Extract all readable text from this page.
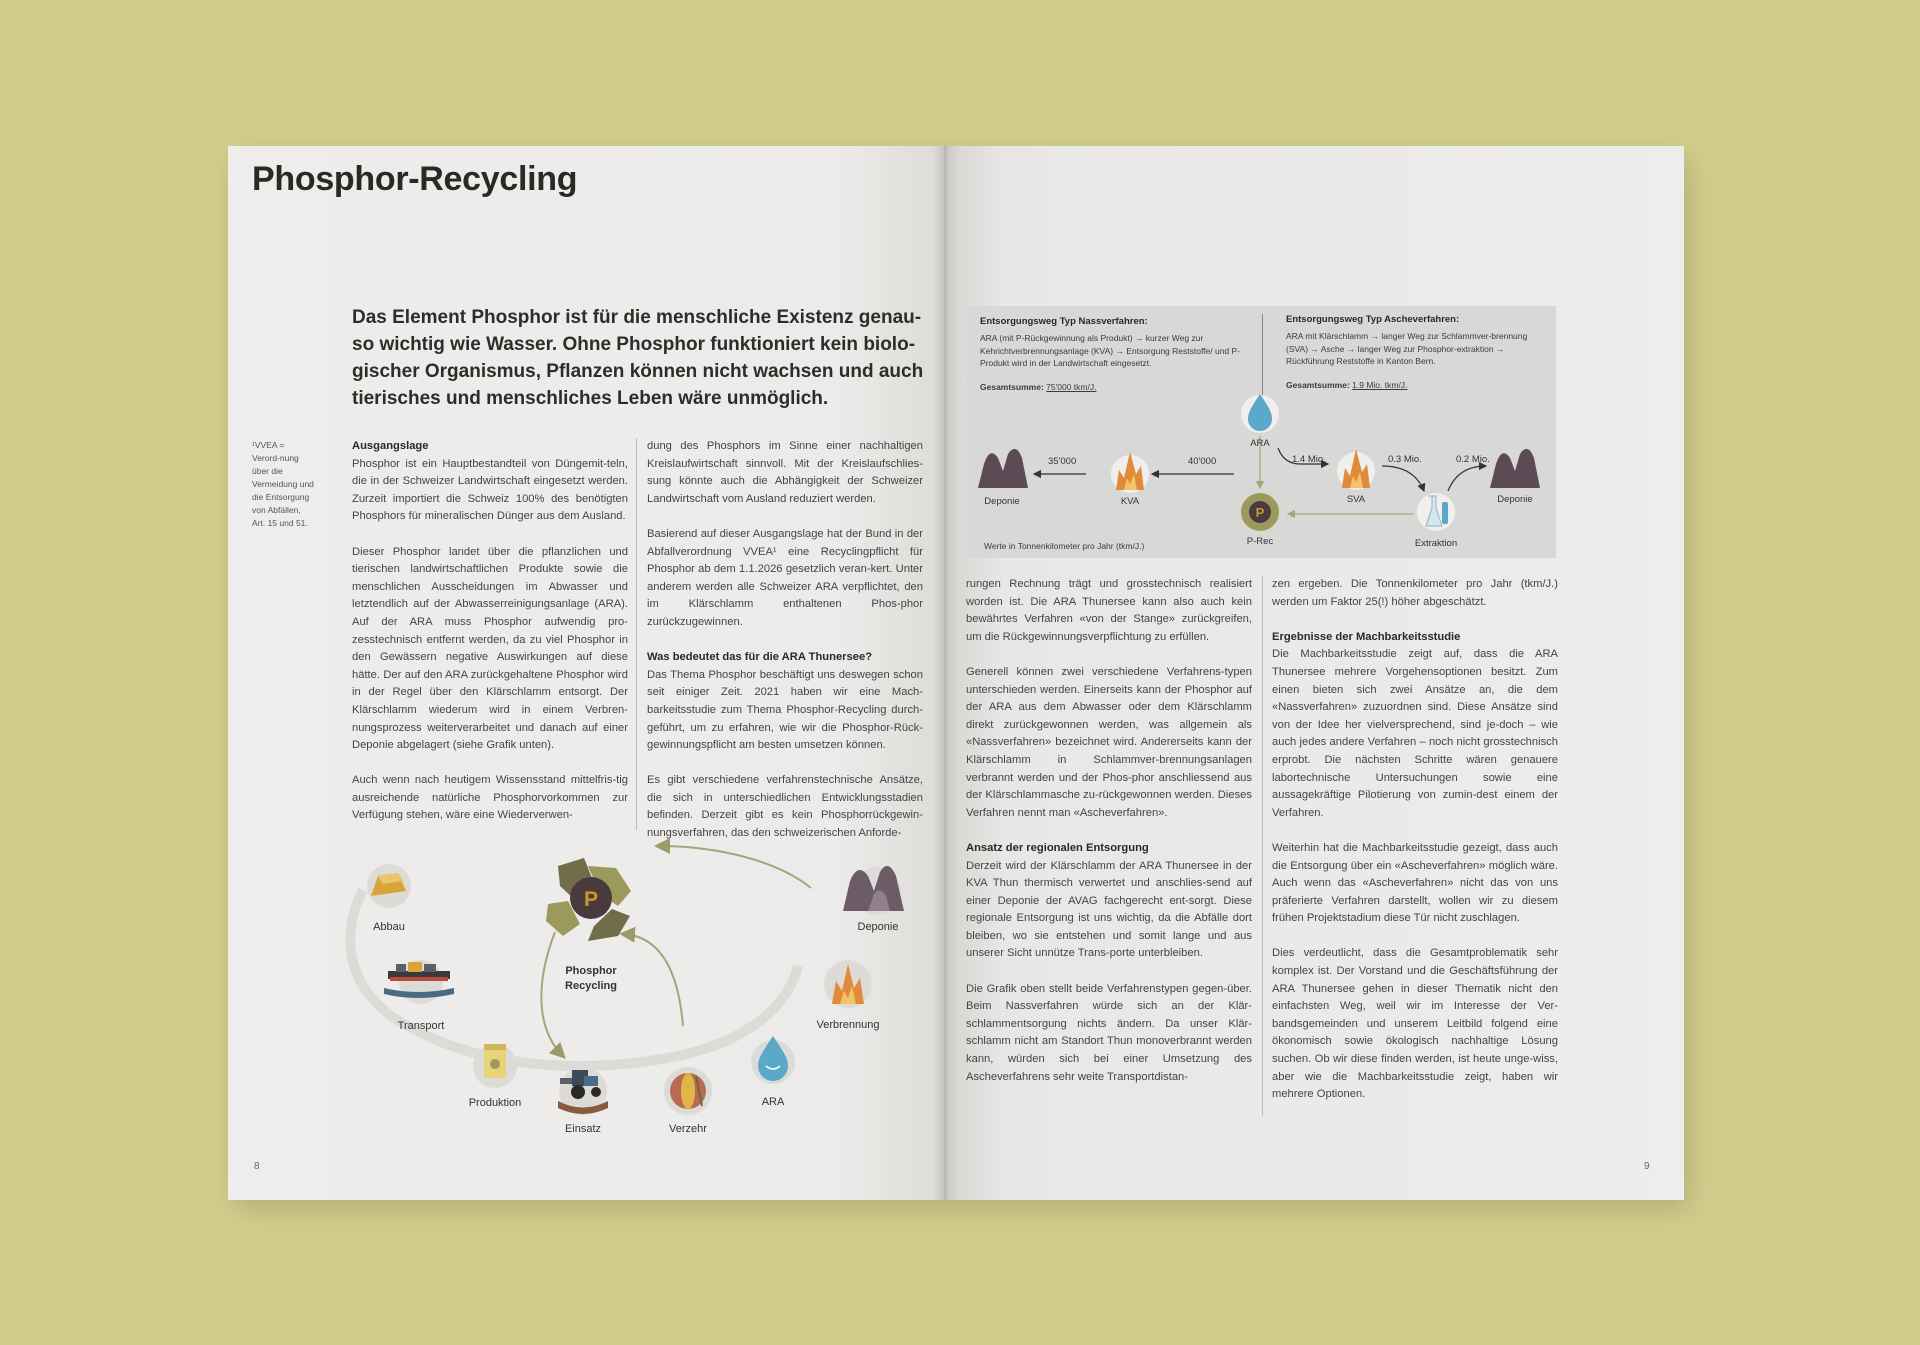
Phosphor-Recycling
Das Element Phosphor ist für die menschliche Existenz genau-so wichtig wie Wasser. Ohne Phosphor funktioniert kein biolo-gischer Organismus, Pflanzen können nicht wachsen und auch tierisches und menschliches Leben wäre unmöglich.
¹VVEA = Verord-nung über die Vermeidung und die Entsorgung von Abfällen, Art. 15 und 51.
Ausgangslage

Phosphor ist ein Hauptbestandteil von Düngemit-teln, die in der Schweizer Landwirtschaft eingesetzt werden. Zurzeit importiert die Schweiz 100% des benötigten Phosphors für mineralischen Dünger aus dem Ausland.

Dieser Phosphor landet über die pflanzlichen und tierischen landwirtschaftlichen Produkte sowie die menschlichen Ausscheidungen im Abwasser und letztendlich auf der Abwasserreinigungsanlage (ARA). Auf der ARA muss Phosphor aufwendig pro-zesstechnisch entfernt werden, da zu viel Phosphor in den Gewässern negative Auswirkungen auf diese hätte. Der auf den ARA zurückgehaltene Phosphor wird in der Regel über den Klärschlamm entsorgt. Der Klärschlamm wiederum wird in einem Verbren-nungsprozess weiterverarbeitet und danach auf einer Deponie abgelagert (siehe Grafik unten).

Auch wenn nach heutigem Wissensstand mittelfris-tig ausreichende natürliche Phosphorvorkommen zur Verfügung stehen, wäre eine Wiederverwen-

dung des Phosphors im Sinne einer nachhaltigen Kreislaufwirtschaft sinnvoll. Mit der Kreislaufschlies-sung könnte auch die Abhängigkeit der Schweizer Landwirtschaft vom Ausland reduziert werden.

Basierend auf dieser Ausgangslage hat der Bund in der Abfallverordnung VVEA¹ eine Recyclingpflicht für Phosphor ab dem 1.1.2026 gesetzlich veran-kert. Unter anderem werden alle Schweizer ARA verpflichtet, den im Klärschlamm enthaltenen Phos-phor zurückzugewinnen.

Was bedeutet das für die ARA Thunersee?

Das Thema Phosphor beschäftigt uns deswegen schon seit einiger Zeit. 2021 haben wir eine Mach-barkeitsstudie zum Thema Phosphor-Recycling durch-geführt, um zu erfahren, wie wir die Phosphor-Rück-gewinnungspflicht am besten umsetzen können.

Es gibt verschiedene verfahrenstechnische Ansätze, die sich in unterschiedlichen Entwicklungsstadien befinden. Derzeit gibt es kein Phosphorrückgewin-nungsverfahren, das den schweizerischen Anforde-

P
Abbau
Transport
Produktion
Einsatz	Verzehr
ARA
Verbrennung
Deponie
Phosphor Recycling
8
Entsorgungsweg Typ Nassverfahren:
ARA (mit P-Rückgewinnung als Produkt) → kurzer Weg zur Kehrichtverbrennungsanlage (KVA) → Entsorgung Reststoffe/ und P-Produkt wird in der Landwirtschaft eingesetzt.
Gesamtsumme: 75'000 tkm/J.
Entsorgungsweg Typ Ascheverfahren:
ARA mit Klärschlamm → langer Weg zur Schlammver-brennung (SVA) → Asche → langer Weg zur Phosphor-extraktion → Rückführung Reststoffe in Kanton Bern.
Gesamtsumme: 1.9 Mio. tkm/J.
P
Deponie	KVA
ARA
P-Rec
SVA
Extraktion
Deponie
35'000	40'000	1.4 Mio.	0.3 Mio.	0.2 Mio.
Werte in Tonnenkilometer pro Jahr (tkm/J.)

rungen Rechnung trägt und grosstechnisch realisiert worden ist. Die ARA Thunersee kann also auch kein bewährtes Verfahren «von der Stange» zurückgreifen, um die Rückgewinnungsverpflichtung zu erfüllen.

Generell können zwei verschiedene Verfahrens-typen unterschieden werden. Einerseits kann der Phosphor auf der ARA aus dem Abwasser oder dem Klärschlamm direkt zurückgewonnen werden, was allgemein als «Nassverfahren» bezeichnet wird. Andererseits kann der Klärschlamm in Schlammver-brennungsanlagen verbrannt werden und der Phos-phor anschliessend aus der Klärschlammasche zu-rückgewonnen werden. Dieses Verfahren nennt man «Ascheverfahren».

Ansatz der regionalen Entsorgung

Derzeit wird der Klärschlamm der ARA Thunersee in der KVA Thun thermisch verwertet und anschlies-send auf einer Deponie der AVAG fachgerecht ent-sorgt. Diese regionale Entsorgung ist uns wichtig, da die Abfälle dort bleiben, wo sie entstehen und somit lange und aus unserer Sicht unnütze Trans-porte unterbleiben.

Die Grafik oben stellt beide Verfahrenstypen gegen-über. Beim Nassverfahren würde sich an der Klär-schlammentsorgung nichts ändern. Da unser Klär-schlamm nicht am Standort Thun monoverbrannt werden kann, würden sich bei einer Umsetzung des Ascheverfahrens sehr weite Transportdistan-

zen ergeben. Die Tonnenkilometer pro Jahr (tkm/J.) werden um Faktor 25(!) höher abgeschätzt.

Ergebnisse der Machbarkeitsstudie

Die Machbarkeitsstudie zeigt auf, dass die ARA Thunersee mehrere Vorgehensoptionen besitzt. Zum einen bieten sich zwei Ansätze an, die dem «Nassverfahren» zuzuordnen sind. Diese Ansätze sind von der Idee her vielversprechend, sind je-doch – wie auch jedes andere Verfahren – noch nicht grosstechnisch erprobt. Die nächsten Schritte wären genauere labortechnische Untersuchungen sowie eine aussagekräftige Pilotierung von zumin-dest einem der Verfahren.

Weiterhin hat die Machbarkeitsstudie gezeigt, dass auch die Entsorgung über ein «Ascheverfahren» möglich wäre. Auch wenn das «Ascheverfahren» nicht das von uns präferierte Verfahren darstellt, wollen wir zu diesem frühen Projektstadium diese Tür nicht zuschlagen.

Dies verdeutlicht, dass die Gesamtproblematik sehr komplex ist. Der Vorstand und die Geschäftsführung der ARA Thunersee gehen in dieser Thematik nicht den einfachsten Weg, weil wir im Interesse der Ver-bandsgemeinden und unserem Leitbild folgend eine ökonomisch sowie ökologisch nachhaltige Lösung suchen. Ob wir diese finden werden, ist heute unge-wiss, aber wie die Machbarkeitsstudie zeigt, haben wir mehrere Optionen.

9
